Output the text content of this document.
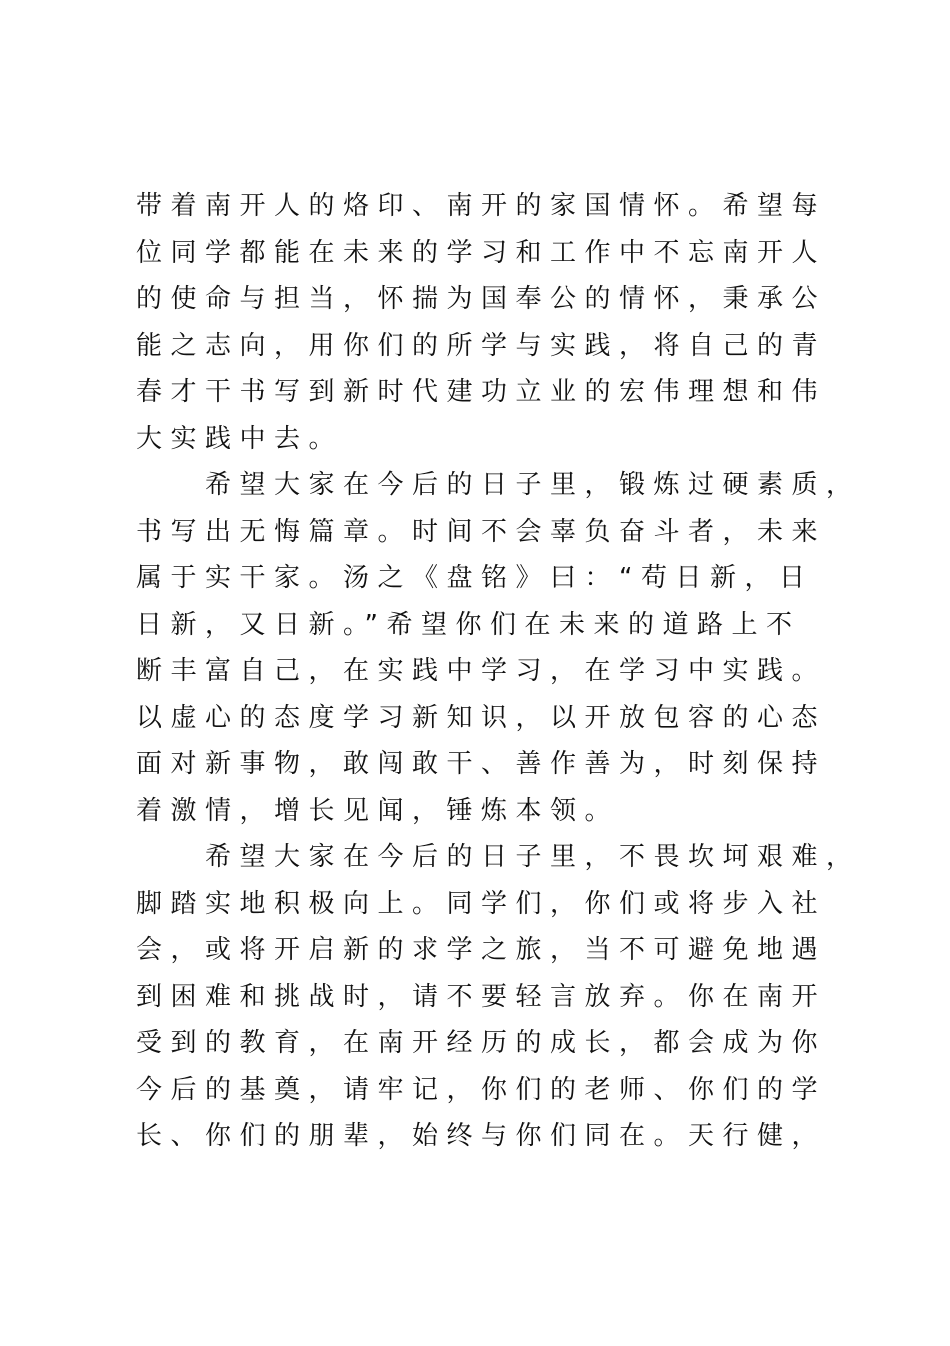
带着南开人的烙印、南开的家国情怀。希望每
位同学都能在未来的学习和工作中不忘南开人
的使命与担当，怀揣为国奉公的情怀，秉承公
能之志向，用你们的所学与实践，将自己的青
春才干书写到新时代建功立业的宏伟理想和伟
大实践中去。
　　希望大家在今后的日子里，锻炼过硬素质，
书写出无悔篇章。时间不会辜负奋斗者，未来
属于实干家。汤之《盘铭》曰：“苟日新，日
日新，又日新。”希望你们在未来的道路上不
断丰富自己，在实践中学习，在学习中实践。
以虚心的态度学习新知识，以开放包容的心态
面对新事物，敢闯敢干、善作善为，时刻保持
着激情，增长见闻，锤炼本领。
　　希望大家在今后的日子里，不畏坎坷艰难，
脚踏实地积极向上。同学们，你们或将步入社
会，或将开启新的求学之旅，当不可避免地遇
到困难和挑战时，请不要轻言放弃。你在南开
受到的教育，在南开经历的成长，都会成为你
今后的基奠，请牢记，你们的老师、你们的学
长、你们的朋辈，始终与你们同在。天行健，
